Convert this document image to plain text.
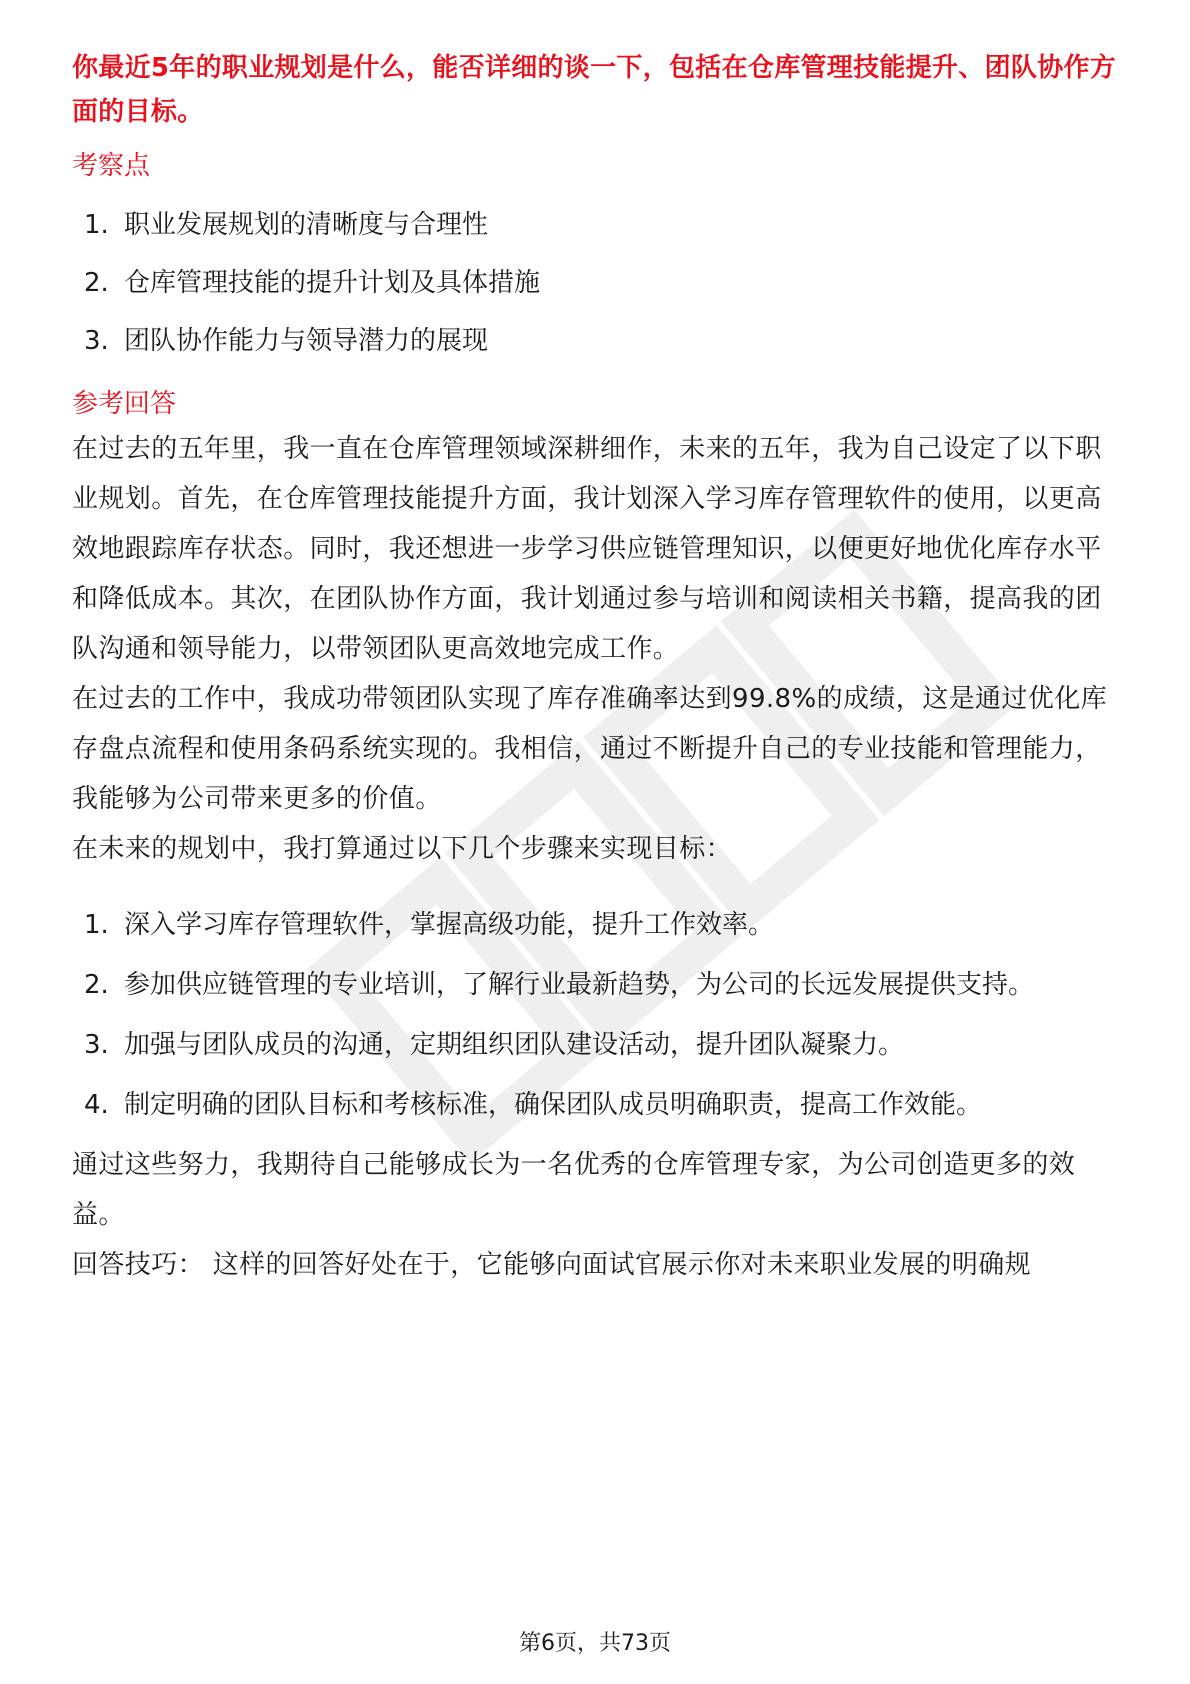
你最近5年的职业规划是什么，能否详细的谈一下，包括在仓库管理技能提升、团队协作方面的目标。

考察点
1. 职业发展规划的清晰度与合理性
2. 仓库管理技能的提升计划及具体措施
3. 团队协作能力与领导潜力的展现
参考回答

在过去的五年里，我一直在仓库管理领域深耕细作，未来的五年，我为自己设定了以下职业规划。首先，在仓库管理技能提升方面，我计划深入学习库存管理软件的使用，以更高效地跟踪库存状态。同时，我还想进一步学习供应链管理知识，以便更好地优化库存水平和降低成本。其次，在团队协作方面，我计划通过参与培训和阅读相关书籍，提高我的团队沟通和领导能力，以带领团队更高效地完成工作。

在过去的工作中，我成功带领团队实现了库存准确率达到99.8%的成绩，这是通过优化库存盘点流程和使用条码系统实现的。我相信，通过不断提升自己的专业技能和管理能力，我能够为公司带来更多的价值。

在未来的规划中，我打算通过以下几个步骤来实现目标：

1. 深入学习库存管理软件，掌握高级功能，提升工作效率。
2. 参加供应链管理的专业培训，了解行业最新趋势，为公司的长远发展提供支持。
3. 加强与团队成员的沟通，定期组织团队建设活动，提升团队凝聚力。
4. 制定明确的团队目标和考核标准，确保团队成员明确职责，提高工作效能。

通过这些努力，我期待自己能够成长为一名优秀的仓库管理专家，为公司创造更多的效益。

回答技巧： 这样的回答好处在于，它能够向面试官展示你对未来职业发展的明确规

第6页，共73页
